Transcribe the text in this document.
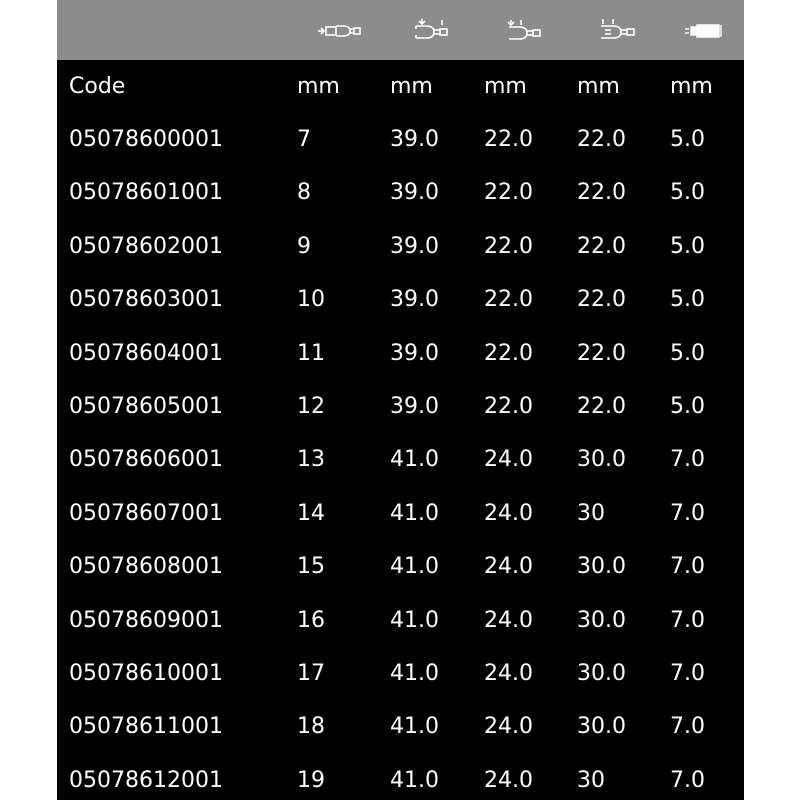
Code	mm mm mm mm mm
05078600001	7	39.0 22.0 22.0 5.0
05078601001	8	39.0 22.0 22.0 5.0
05078602001	9	39.0 22.0 22.0 5.0
05078603001	10	39.0 22.0 22.0 5.0
05078604001	11	39.0 22.0 22.0 5.0
05078605001	12	39.0 22.0 22.0 5.0
05078606001	13	41.0 24.0 30.0 7.0
05078607001	14	41.0 24.0 30	7.0
05078608001	15	41.0 24.0 30.0 7.0
05078609001	16	41.0 24.0 30.0 7.0
05078610001	17	41.0 24.0 30.0 7.0
05078611001	18	41.0 24.0 30.0 7.0
05078612001	19	41.0 24.0 30	7.0
